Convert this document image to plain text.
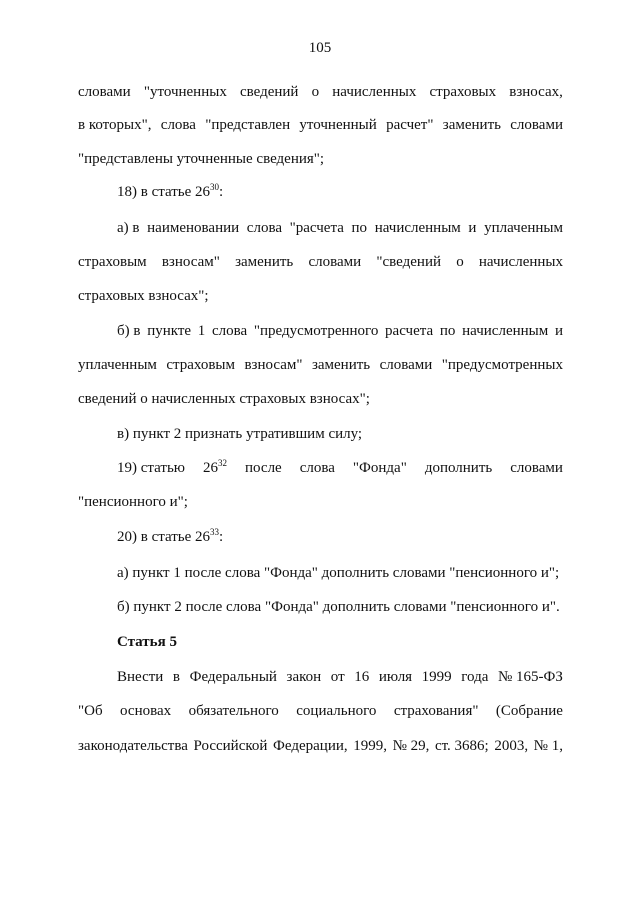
105
словами "уточненных сведений о начисленных страховых взносах,
в которых", слова "представлен уточненный расчет" заменить словами
"представлены уточненные сведения";
18) в статье $26^{30}$:
а) в наименовании слова "расчета по начисленным и уплаченным
страховым взносам" заменить словами "сведений о начисленных
страховых взносах";
б) в пункте 1 слова "предусмотренного расчета по начисленным и
уплаченным страховым взносам" заменить словами "предусмотренных
сведений о начисленных страховых взносах";
в) пункт 2 признать утратившим силу;
19) статью $26^{32}$ после слова "Фонда" дополнить словами
"пенсионного и";
20) в статье $26^{33}$:
а) пункт 1 после слова "Фонда" дополнить словами "пенсионного и";
б) пункт 2 после слова "Фонда" дополнить словами "пенсионного и".
Статья 5
Внести в Федеральный закон от 16 июля 1999 года № 165-ФЗ
"Об основах обязательного социального страхования" (Собрание
законодательства Российской Федерации, 1999, № 29, ст. 3686; 2003, № 1,
